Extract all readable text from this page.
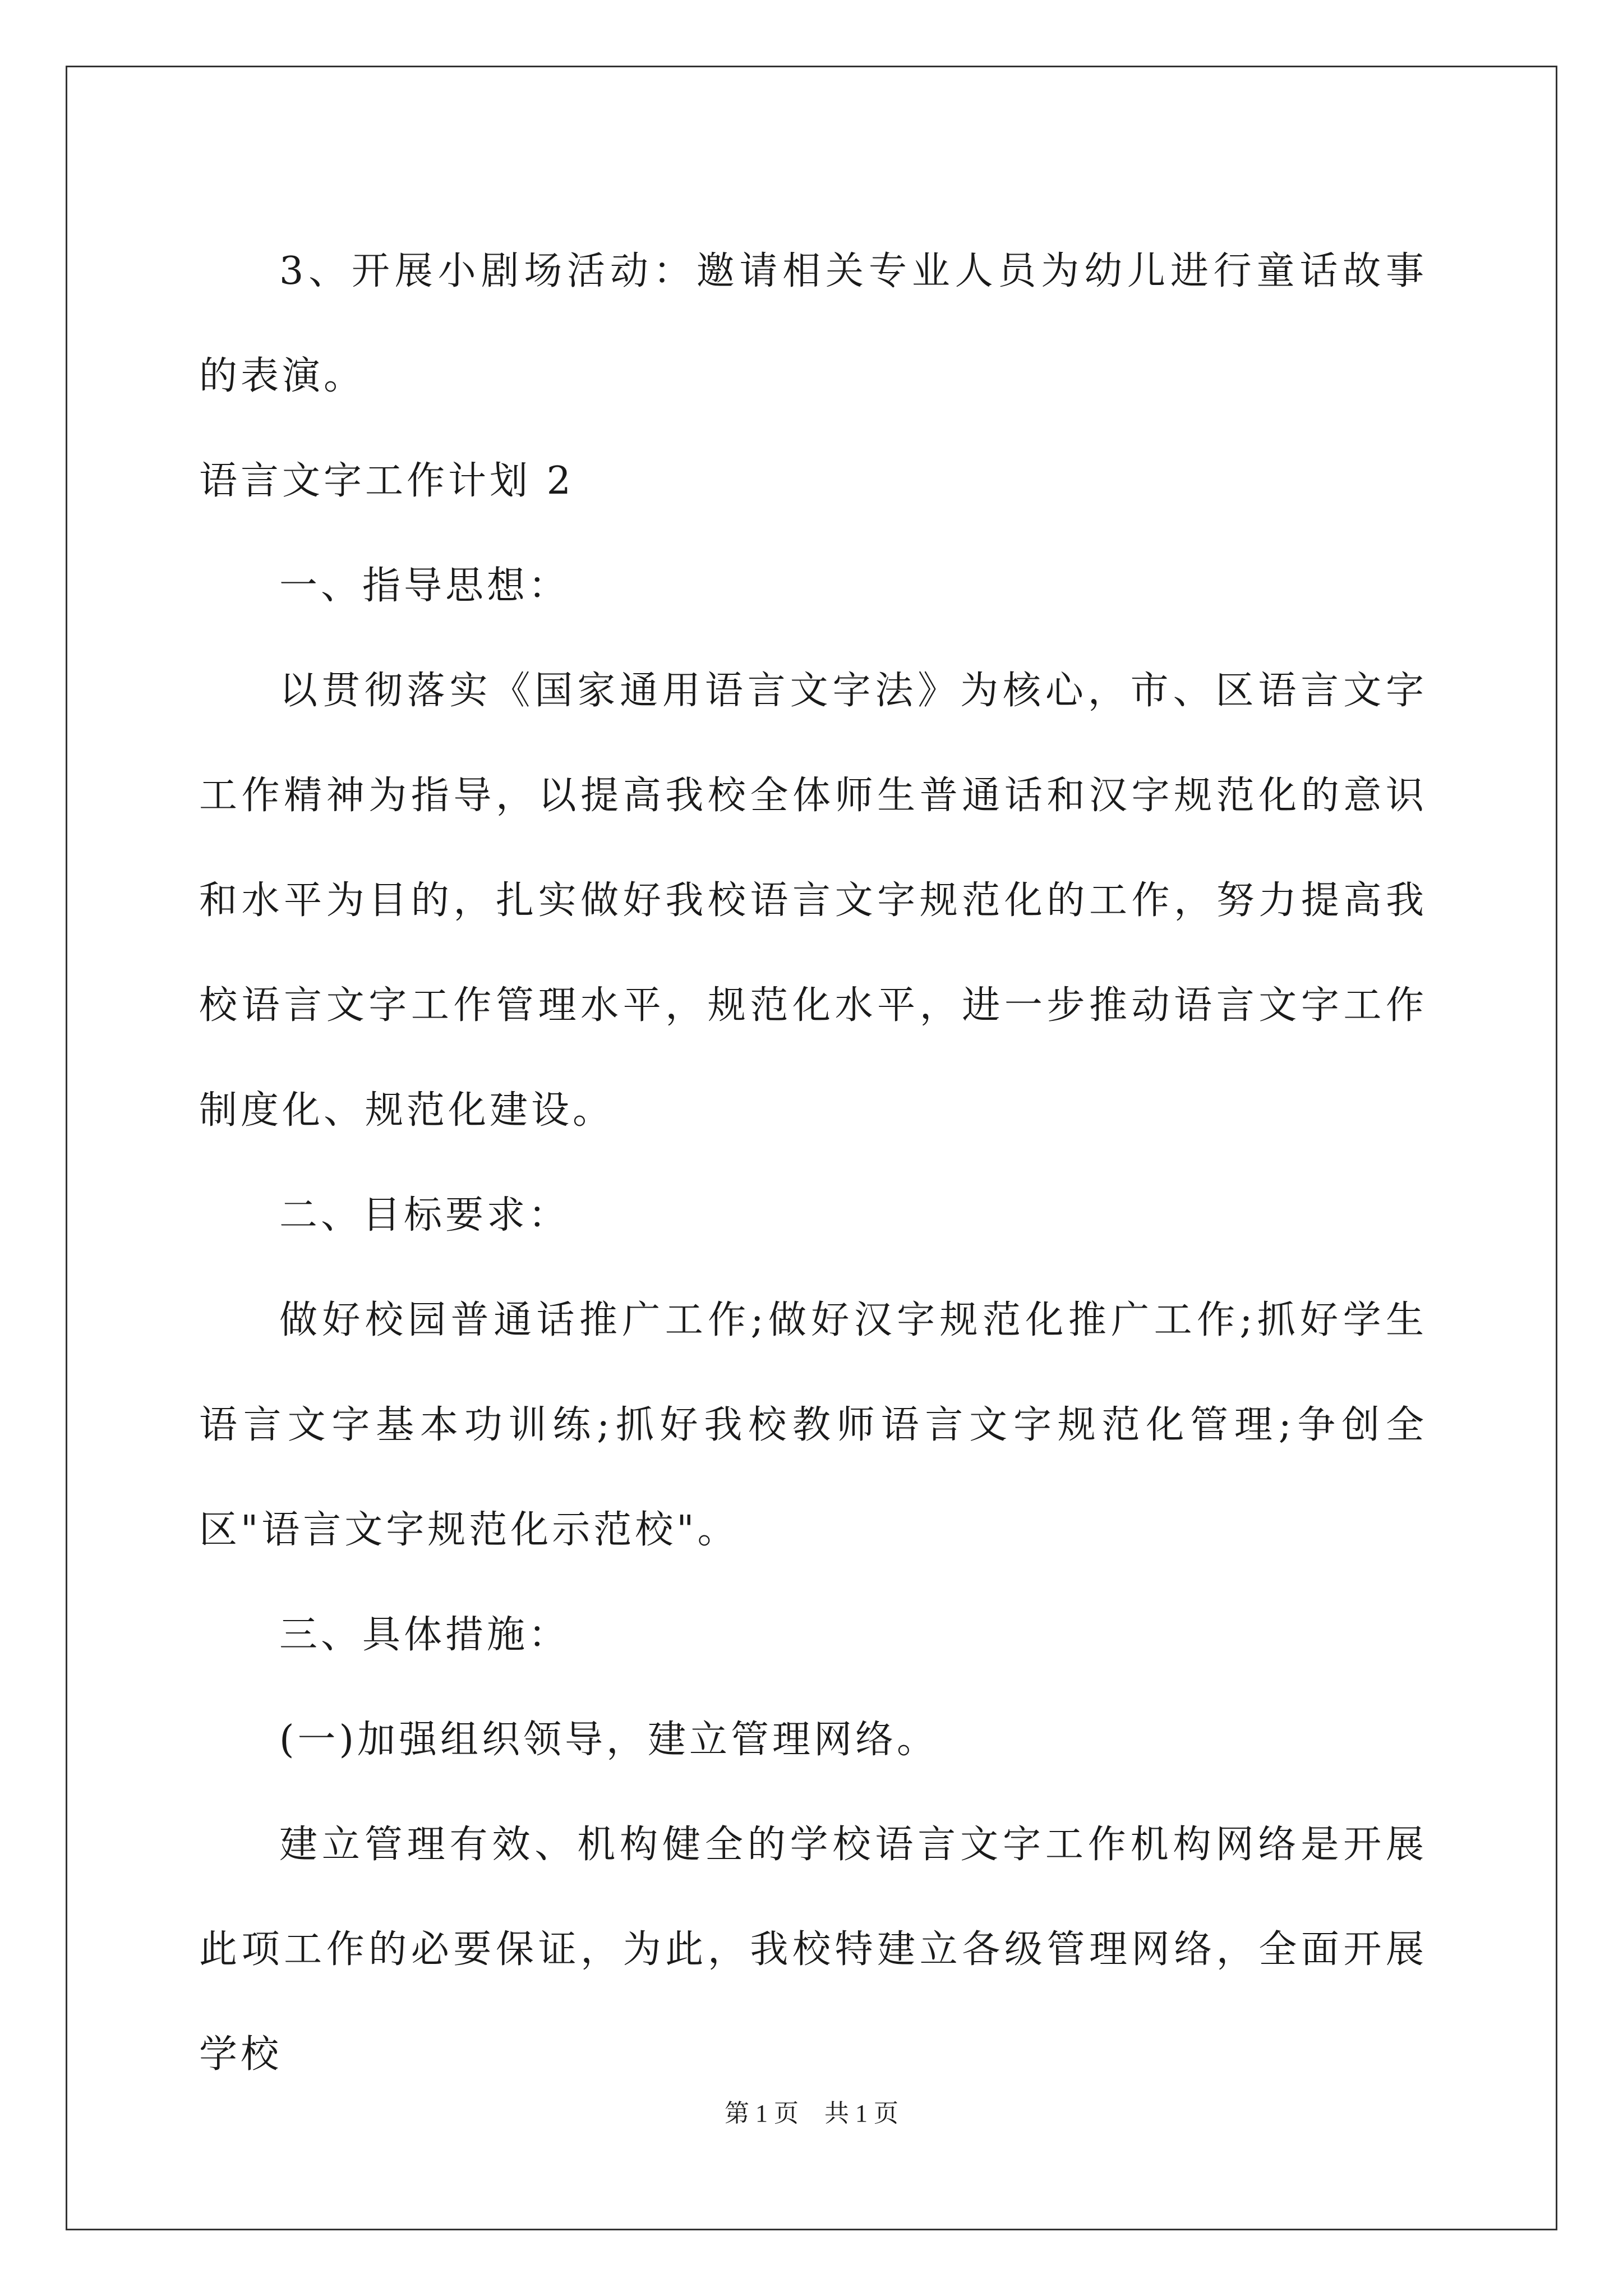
3、开展小剧场活动：邀请相关专业人员为幼儿进行童话故事的表演。

语言文字工作计划 2

一、指导思想：

以贯彻落实《国家通用语言文字法》为核心，市、区语言文字工作精神为指导，以提高我校全体师生普通话和汉字规范化的意识和水平为目的，扎实做好我校语言文字规范化的工作，努力提高我校语言文字工作管理水平，规范化水平，进一步推动语言文字工作制度化、规范化建设。

二、目标要求：

做好校园普通话推广工作;做好汉字规范化推广工作;抓好学生语言文字基本功训练;抓好我校教师语言文字规范化管理;争创全区"语言文字规范化示范校"。

三、具体措施：

(一)加强组织领导，建立管理网络。

建立管理有效、机构健全的学校语言文字工作机构网络是开展此项工作的必要保证，为此，我校特建立各级管理网络，全面开展学校

第 1 页 共 1 页
